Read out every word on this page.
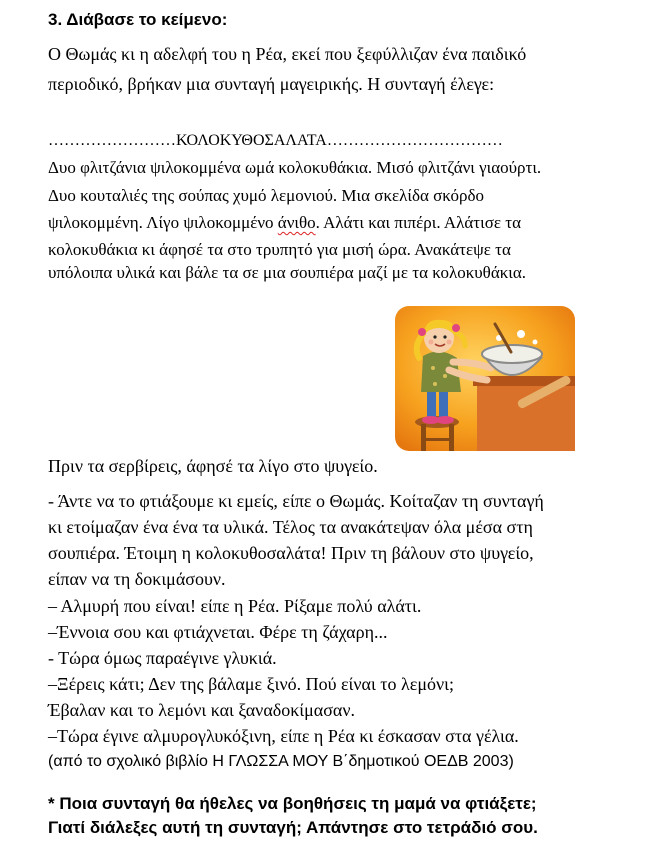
3. Διάβασε το κείμενο:
Ο Θωμάς κι η αδελφή του η Ρέα, εκεί που ξεφύλλιζαν ένα παιδικό
περιοδικό, βρήκαν μια συνταγή μαγειρικής. Η συνταγή έλεγε:
……………………ΚΟΛΟΚΥΘΟΣΑΛΑΤΑ……………………………
Δυο φλιτζάνια ψιλοκομμένα ωμά κολοκυθάκια. Μισό φλιτζάνι γιαούρτι.
Δυο κουταλιές της σούπας χυμό λεμονιού. Μια σκελίδα σκόρδο
ψιλοκομμένη. Λίγο ψιλοκομμένο άνιθο. Αλάτι και πιπέρι. Αλάτισε τα
κολοκυθάκια κι άφησέ τα στο τρυπητό για μισή ώρα. Ανακάτεψε τα
υπόλοιπα υλικά και βάλε τα σε μια σουπιέρα μαζί με τα κολοκυθάκια.
Πριν τα σερβίρεις, άφησέ τα λίγο στο ψυγείο.
- Άντε να το φτιάξουμε κι εμείς, είπε ο Θωμάς. Κοίταζαν τη συνταγή
κι ετοίμαζαν ένα ένα τα υλικά. Τέλος τα ανακάτεψαν όλα μέσα στη
σουπιέρα. Έτοιμη η κολοκυθοσαλάτα! Πριν τη βάλουν στο ψυγείο,
είπαν να τη δοκιμάσουν.
– Αλμυρή που είναι! είπε η Ρέα. Ρίξαμε πολύ αλάτι.
–Έννοια σου και φτιάχνεται. Φέρε τη ζάχαρη...
- Τώρα όμως παραέγινε γλυκιά.
–Ξέρεις κάτι; Δεν της βάλαμε ξινό. Πού είναι το λεμόνι;
Έβαλαν και το λεμόνι και ξαναδοκίμασαν.
–Τώρα έγινε αλμυρογλυκόξινη, είπε η Ρέα κι έσκασαν στα γέλια.
(από το σχολικό βιβλίο Η ΓΛΩΣΣΑ ΜΟΥ Β΄δημοτικού ΟΕΔΒ 2003)
* Ποια συνταγή θα ήθελες να βοηθήσεις τη μαμά να φτιάξετε;
Γιατί διάλεξες αυτή τη συνταγή; Απάντησε στο τετράδιό σου.
